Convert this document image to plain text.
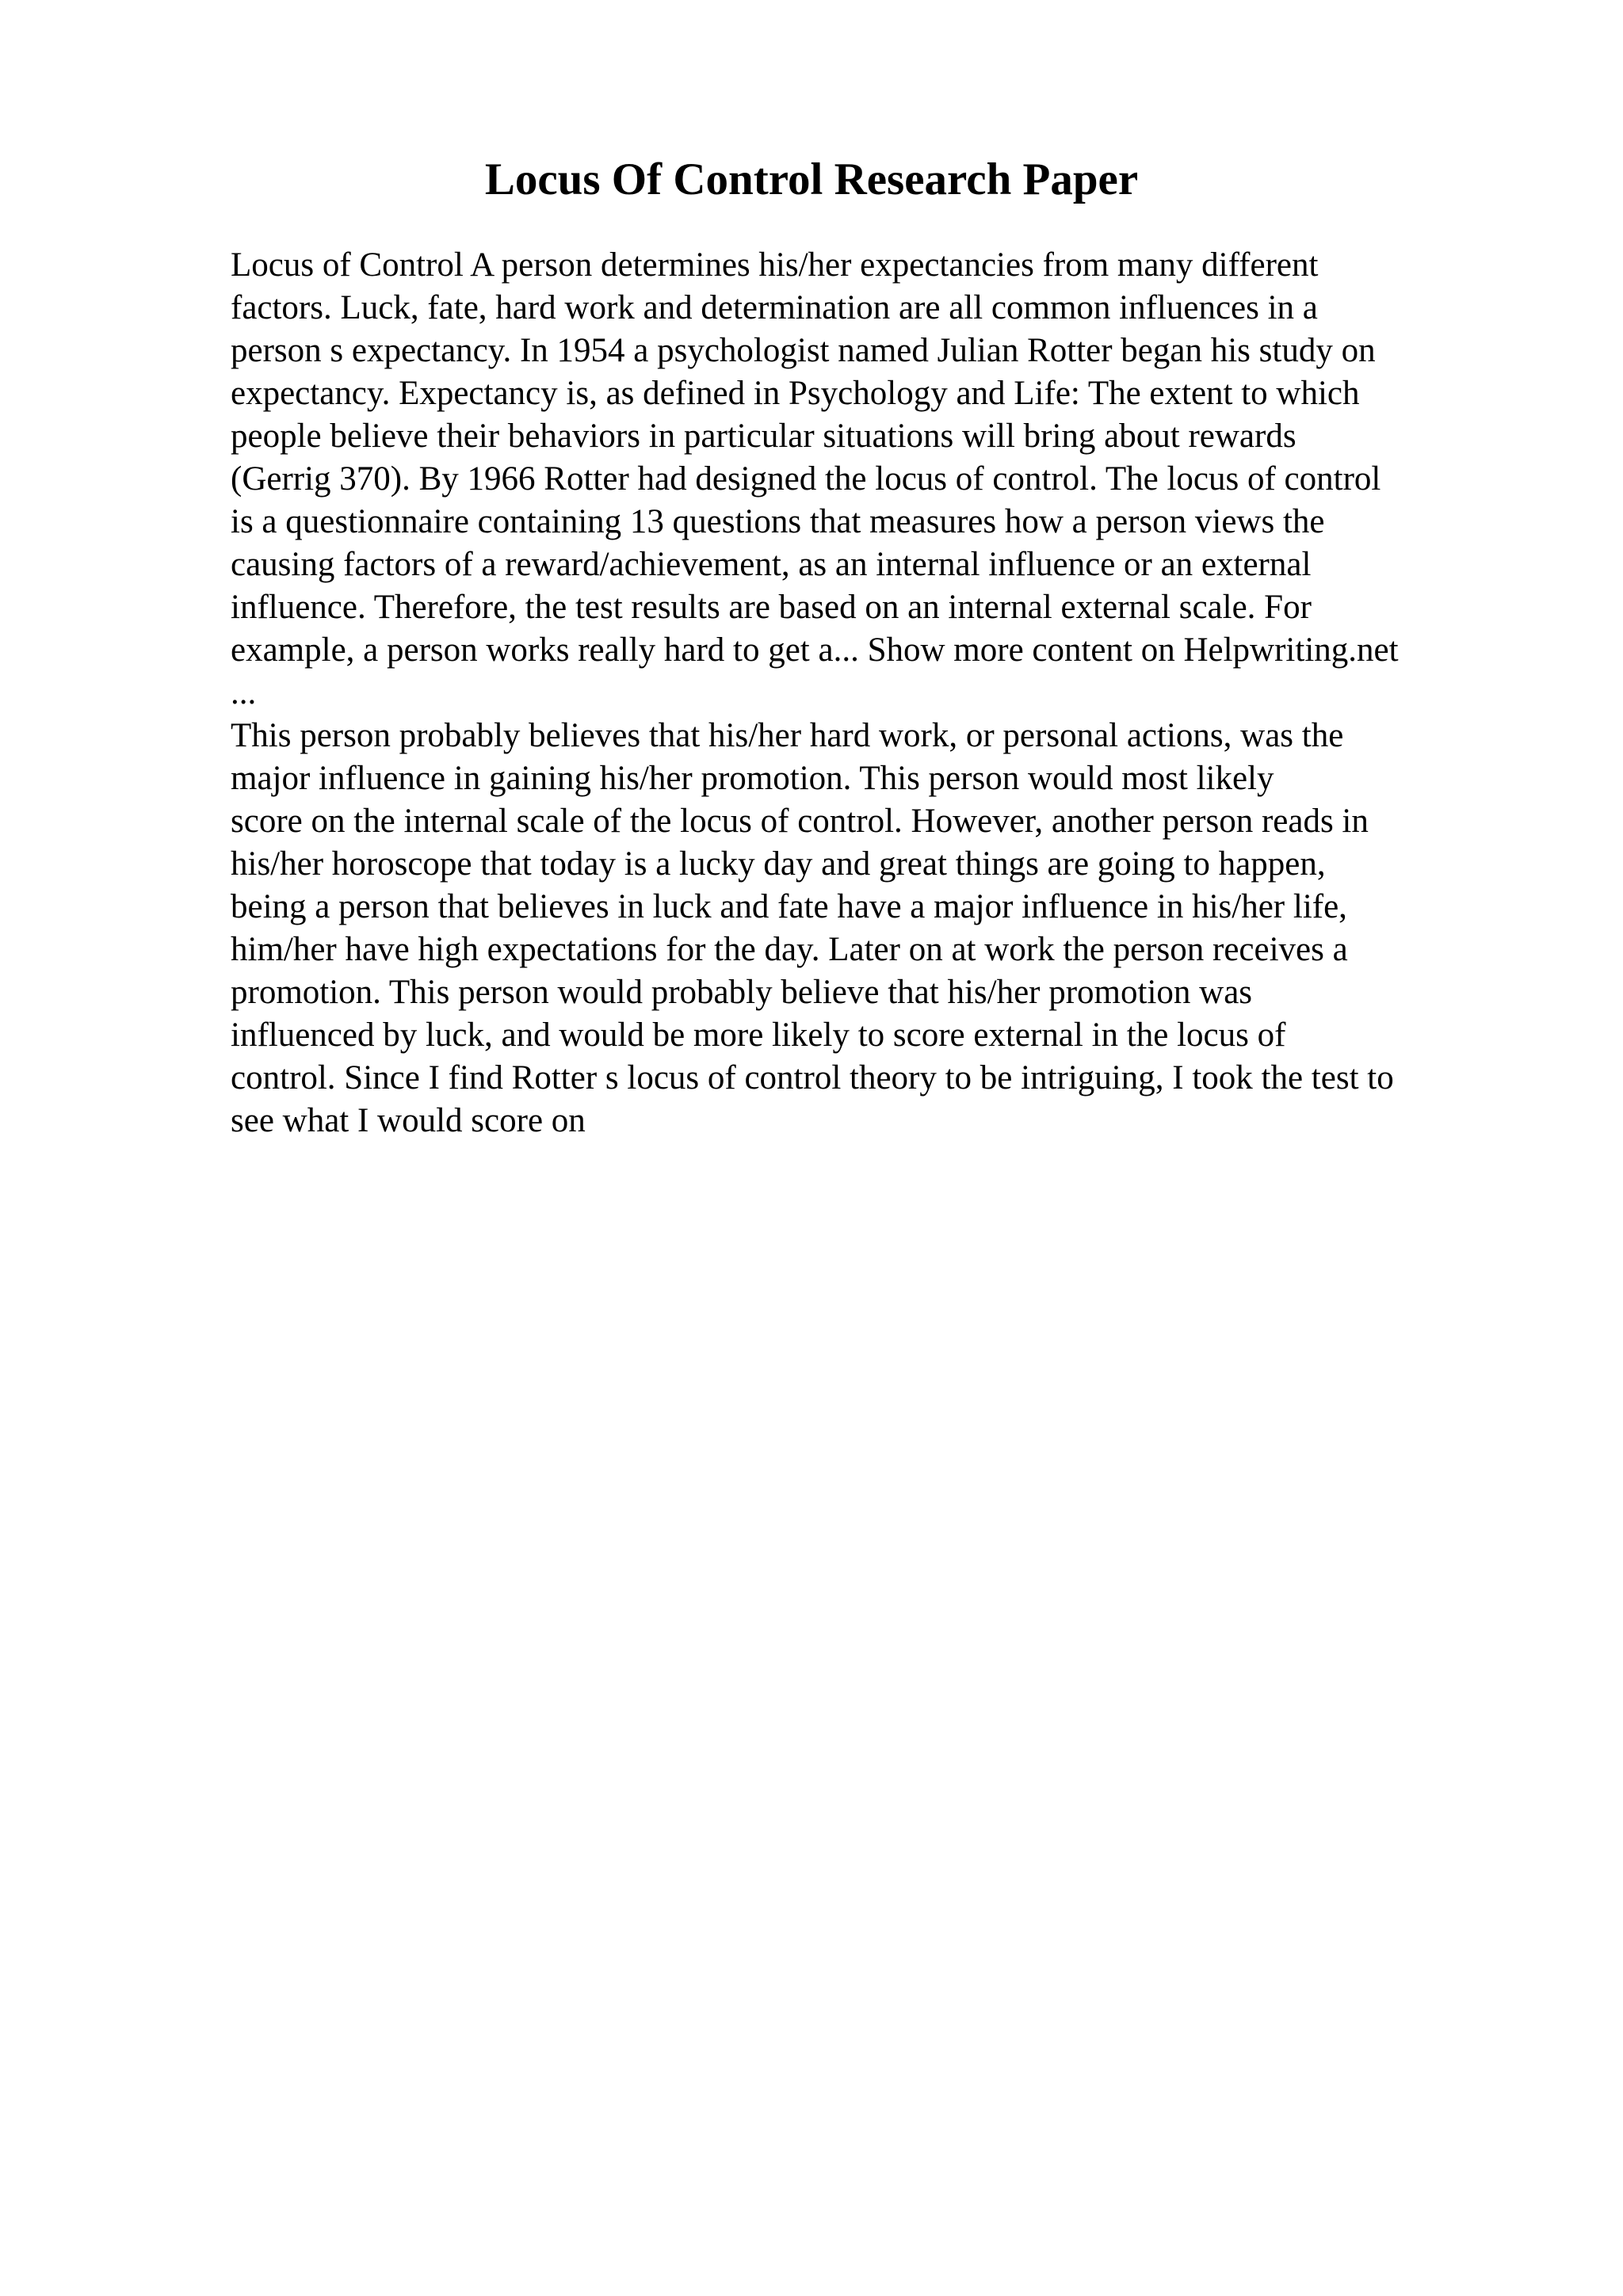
Locus Of Control Research Paper
Locus of Control A person determines his/her expectancies from many different
factors. Luck, fate, hard work and determination are all common influences in a
person s expectancy. In 1954 a psychologist named Julian Rotter began his study on
expectancy. Expectancy is, as defined in Psychology and Life: The extent to which
people believe their behaviors in particular situations will bring about rewards
(Gerrig 370). By 1966 Rotter had designed the locus of control. The locus of control
is a questionnaire containing 13 questions that measures how a person views the
causing factors of a reward/achievement, as an internal influence or an external
influence. Therefore, the test results are based on an internal external scale. For
example, a person works really hard to get a... Show more content on Helpwriting.net
...
This person probably believes that his/her hard work, or personal actions, was the
major influence in gaining his/her promotion. This person would most likely
score on the internal scale of the locus of control. However, another person reads in
his/her horoscope that today is a lucky day and great things are going to happen,
being a person that believes in luck and fate have a major influence in his/her life,
him/her have high expectations for the day. Later on at work the person receives a
promotion. This person would probably believe that his/her promotion was
influenced by luck, and would be more likely to score external in the locus of
control. Since I find Rotter s locus of control theory to be intriguing, I took the test to
see what I would score on
